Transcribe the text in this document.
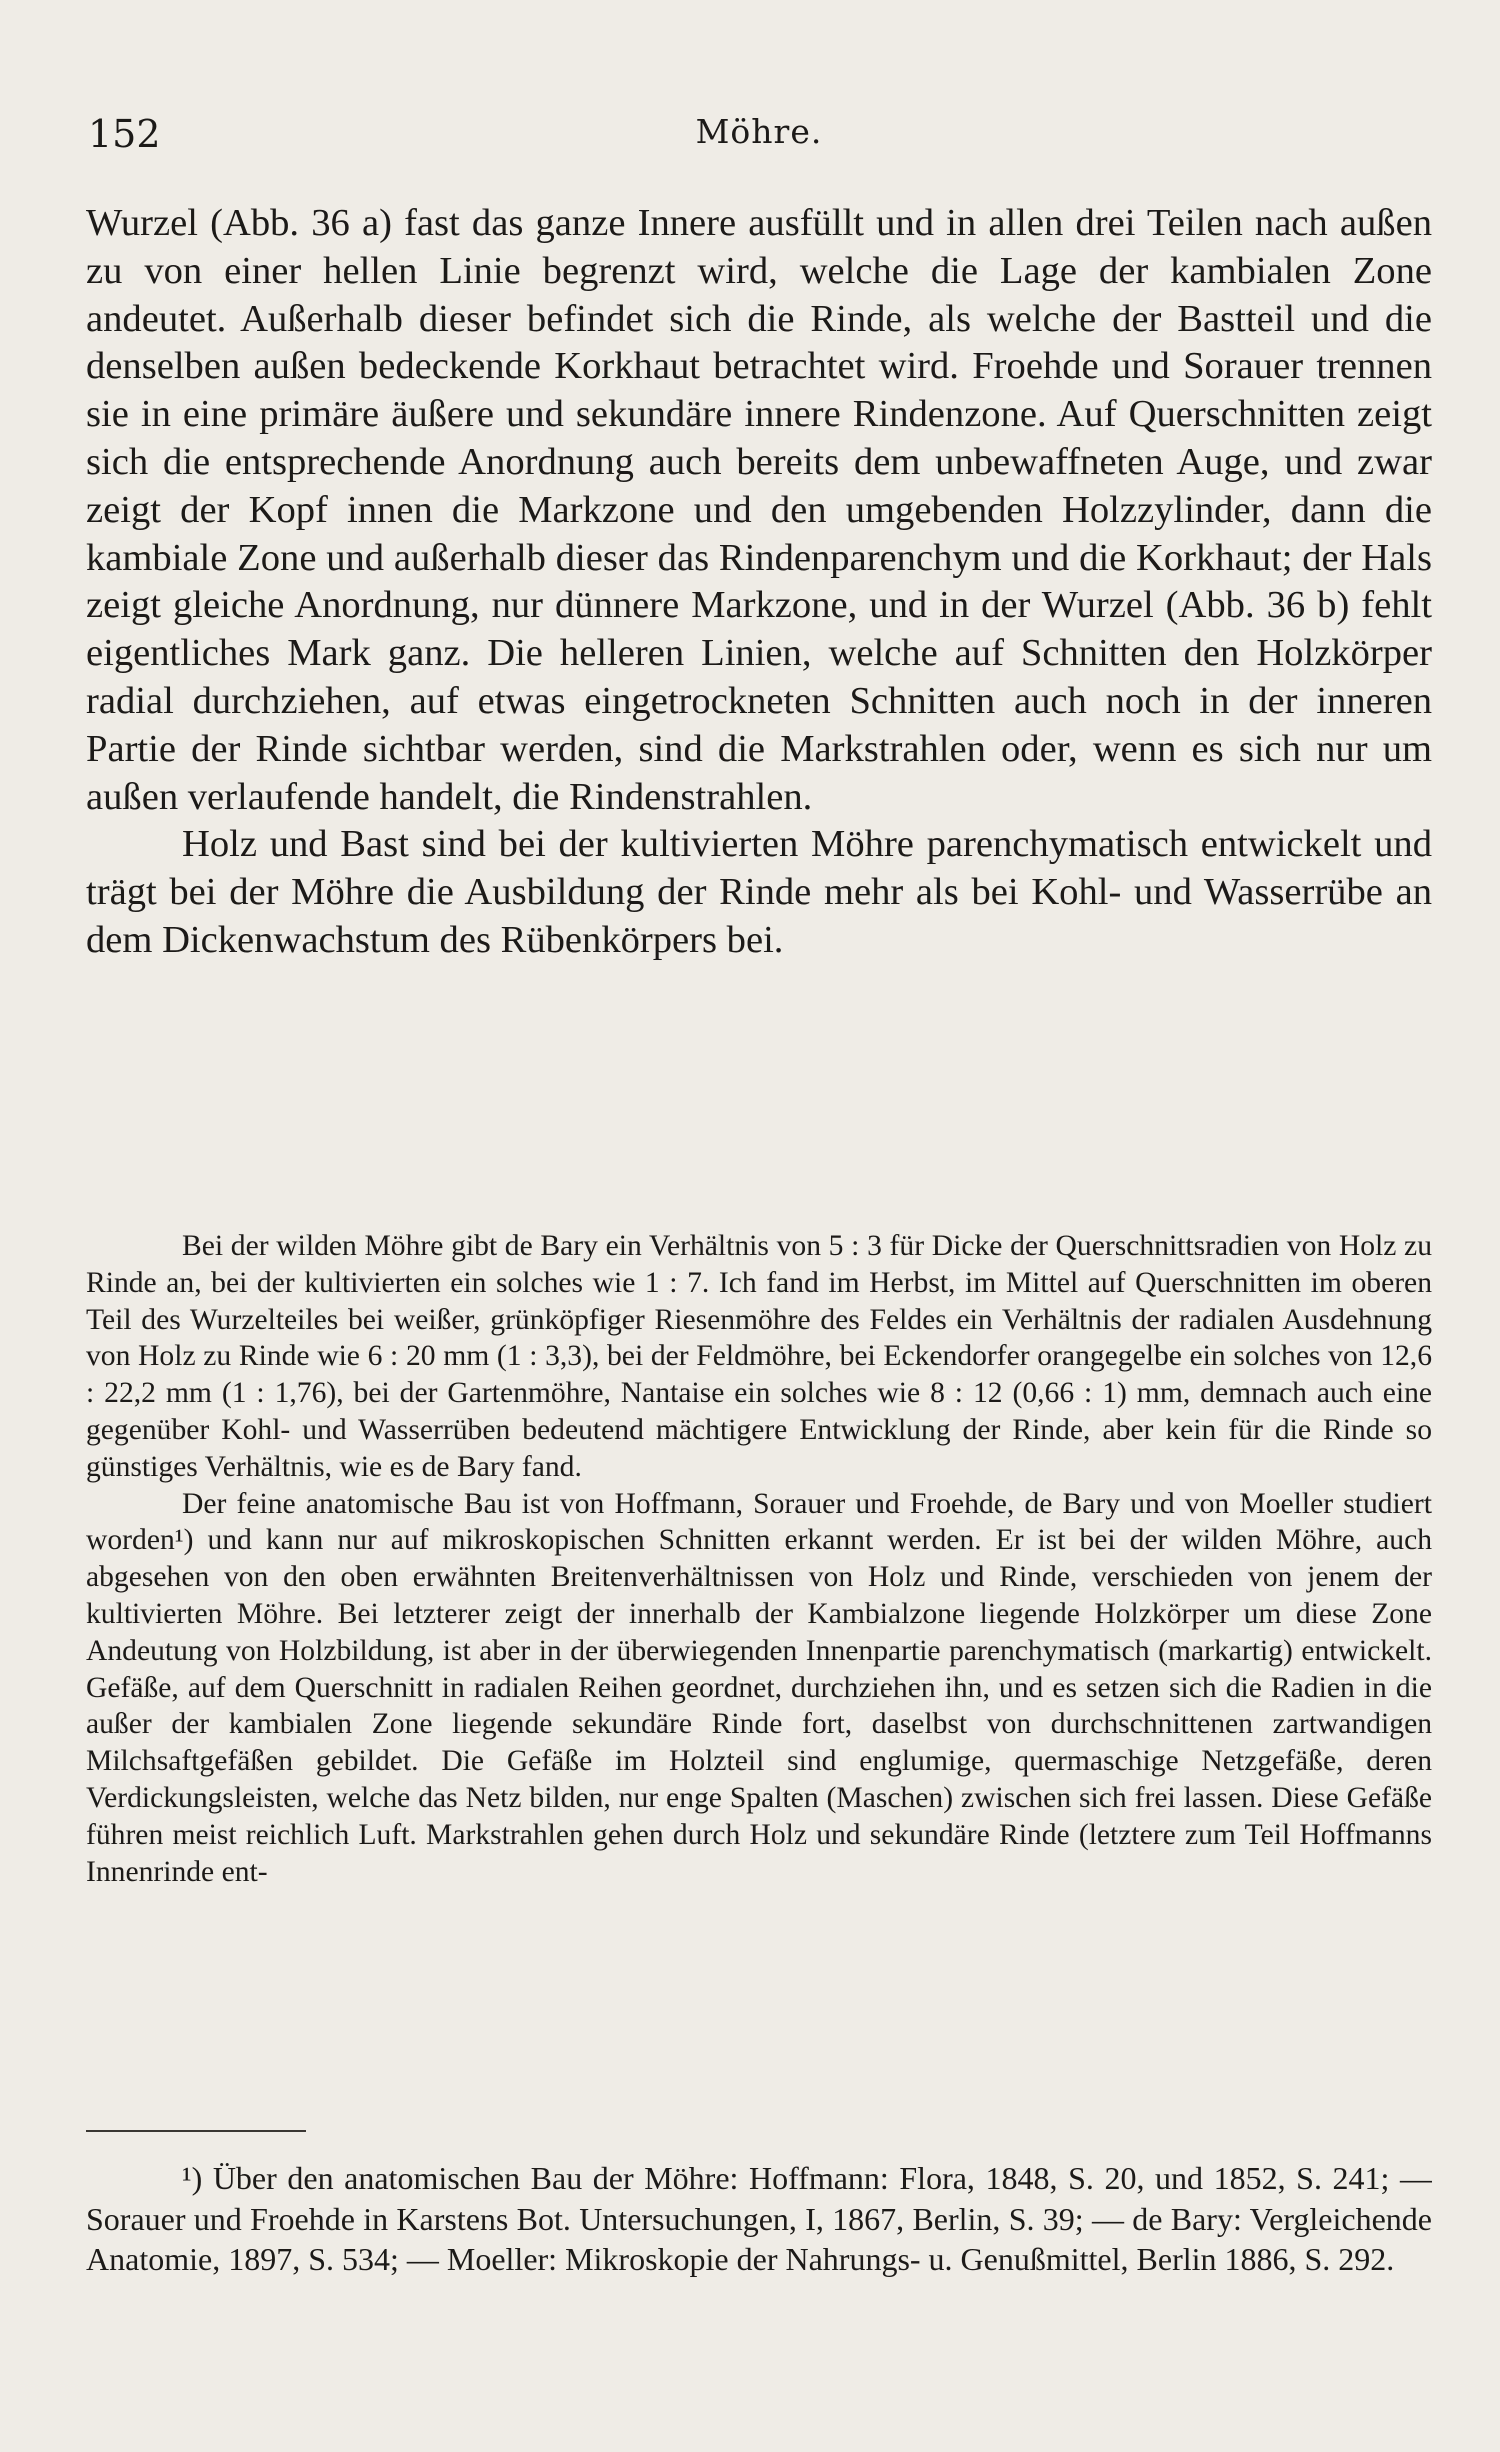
152	Möhre.

Wurzel (Abb. 36 a) fast das ganze Innere ausfüllt und in allen drei Teilen nach außen zu von einer hellen Linie begrenzt wird, welche die Lage der kambialen Zone andeutet. Außerhalb dieser befindet sich die Rinde, als welche der Bastteil und die denselben außen bedeckende Korkhaut betrachtet wird. Froehde und Sorauer trennen sie in eine primäre äußere und sekundäre innere Rindenzone. Auf Querschnitten zeigt sich die entsprechende Anordnung auch bereits dem unbewaffneten Auge, und zwar zeigt der Kopf innen die Markzone und den umgebenden Holzzylinder, dann die kambiale Zone und außerhalb dieser das Rindenparenchym und die Korkhaut; der Hals zeigt gleiche Anordnung, nur dünnere Markzone, und in der Wurzel (Abb. 36 b) fehlt eigentliches Mark ganz. Die helleren Linien, welche auf Schnitten den Holzkörper radial durchziehen, auf etwas eingetrockneten Schnitten auch noch in der inneren Partie der Rinde sichtbar werden, sind die Markstrahlen oder, wenn es sich nur um außen verlaufende handelt, die Rindenstrahlen.

Holz und Bast sind bei der kultivierten Möhre parenchymatisch entwickelt und trägt bei der Möhre die Ausbildung der Rinde mehr als bei Kohl- und Wasserrübe an dem Dickenwachstum des Rübenkörpers bei.

Bei der wilden Möhre gibt de Bary ein Verhältnis von 5 : 3 für Dicke der Querschnittsradien von Holz zu Rinde an, bei der kultivierten ein solches wie 1 : 7. Ich fand im Herbst, im Mittel auf Querschnitten im oberen Teil des Wurzelteiles bei weißer, grünköpfiger Riesenmöhre des Feldes ein Verhältnis der radialen Ausdehnung von Holz zu Rinde wie 6 : 20 mm (1 : 3,3), bei der Feldmöhre, bei Eckendorfer orangegelbe ein solches von 12,6 : 22,2 mm (1 : 1,76), bei der Gartenmöhre, Nantaise ein solches wie 8 : 12 (0,66 : 1) mm, demnach auch eine gegenüber Kohl- und Wasserrüben bedeutend mächtigere Entwicklung der Rinde, aber kein für die Rinde so günstiges Verhältnis, wie es de Bary fand.

Der feine anatomische Bau ist von Hoffmann, Sorauer und Froehde, de Bary und von Moeller studiert worden¹) und kann nur auf mikroskopischen Schnitten erkannt werden. Er ist bei der wilden Möhre, auch abgesehen von den oben erwähnten Breitenverhältnissen von Holz und Rinde, verschieden von jenem der kultivierten Möhre. Bei letzterer zeigt der innerhalb der Kambialzone liegende Holzkörper um diese Zone Andeutung von Holzbildung, ist aber in der überwiegenden Innenpartie parenchymatisch (markartig) entwickelt. Gefäße, auf dem Querschnitt in radialen Reihen geordnet, durchziehen ihn, und es setzen sich die Radien in die außer der kambialen Zone liegende sekundäre Rinde fort, daselbst von durchschnittenen zartwandigen Milchsaftgefäßen gebildet. Die Gefäße im Holzteil sind englumige, quermaschige Netzgefäße, deren Verdickungsleisten, welche das Netz bilden, nur enge Spalten (Maschen) zwischen sich frei lassen. Diese Gefäße führen meist reichlich Luft. Markstrahlen gehen durch Holz und sekundäre Rinde (letztere zum Teil Hoffmanns Innenrinde ent-

¹) Über den anatomischen Bau der Möhre: Hoffmann: Flora, 1848, S. 20, und 1852, S. 241; — Sorauer und Froehde in Karstens Bot. Untersuchungen, I, 1867, Berlin, S. 39; — de Bary: Vergleichende Anatomie, 1897, S. 534; — Moeller: Mikroskopie der Nahrungs- u. Genußmittel, Berlin 1886, S. 292.
